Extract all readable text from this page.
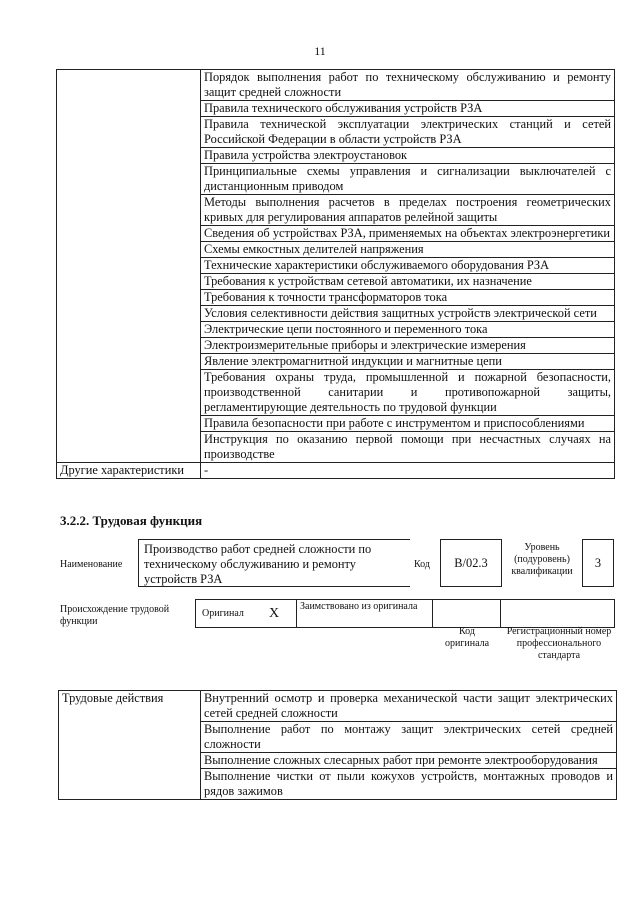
11
	Порядок выполнения работ по техническому обслуживанию и ремонту защит средней сложности
	Правила технического обслуживания устройств РЗА
	Правила технической эксплуатации электрических станций и сетей Российской Федерации в области устройств РЗА
	Правила устройства электроустановок
	Принципиальные схемы управления и сигнализации выключателей с дистанционным приводом
	Методы выполнения расчетов в пределах построения геометрических кривых для регулирования аппаратов релейной защиты
	Сведения об устройствах РЗА, применяемых на объектах электроэнергетики
	Схемы емкостных делителей напряжения
	Технические характеристики обслуживаемого оборудования РЗА
	Требования к устройствам сетевой автоматики, их назначение
	Требования к точности трансформаторов тока
	Условия селективности действия защитных устройств электрической сети
	Электрические цепи постоянного и переменного тока
	Электроизмерительные приборы и электрические измерения
	Явление электромагнитной индукции и магнитные цепи
	Требования охраны труда, промышленной и пожарной безопасности, производственной санитарии и противопожарной защиты, регламентирующие деятельность по трудовой функции
	Правила безопасности при работе с инструментом и приспособлениями
	Инструкция по оказанию первой помощи при несчастных случаях на производстве
Другие характеристики	-
3.2.2. Трудовая функция
Наименование
Производство работ средней сложности по техническому обслуживанию и ремонту устройств РЗА
Код	B/02.3
Уровень (подуровень) квалификации
3
Происхождение трудовой функции
Оригинал	X	Заимствовано из оригинала
Код оригинала
Регистрационный номер профессионального стандарта
Трудовые действия	Внутренний осмотр и проверка механической части защит электрических сетей средней сложности
Выполнение работ по монтажу защит электрических сетей средней сложности
Выполнение сложных слесарных работ при ремонте электрооборудования
Выполнение чистки от пыли кожухов устройств, монтажных проводов и рядов зажимов
